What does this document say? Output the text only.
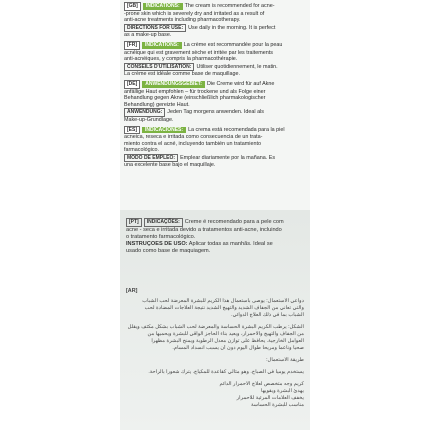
[GB] INDICATIONS: The cream is recommended for acne-
-prone skin which is severely dry and irritated as a result of
anti-acne treatments including pharmacotherapy.
DIRECTIONS FOR USE: Use daily in the morning. It is perfect
as a make-up base.
[FR] INDICATIONS: La crème est recommandée pour la peau
acnéique qui est gravement sèche et irritée par les traitements
anti-acnéiques, y compris la pharmacothérapie.
CONSEILS D'UTILISATION: Utiliser quotidiennement, le matin.
La crème est idéale comme base de maquillage.
[DE] ANWENDUNGSGEBIET: Die Creme wird für auf Akne
anfällige Haut empfohlen – für trockene und als Folge einer
Behandlung gegen Akne (einschließlich pharmakologischer
Behandlung) gereizte Haut.
ANWENDUNG: Jeden Tag morgens anwenden. Ideal als
Make-up-Grundlage.
[ES] INDICACIONES: La crema está recomendada para la piel
acneica, reseca e irritada como consecuencia de un trata-
miento contra el acné, incluyendo también un tratamiento
farmacológico.
MODO DE EMPLEO: Emplear diariamente por la mañana. Es
una excelente base bajo el maquillaje.
[PT] INDICAÇÕES: Creme é recomendado para a pele com
acne - seca e irritada devido a tratamentos anti-acne, incluindo
o tratamento farmacológico.
INSTRUÇÕES DE USO: Aplicar todas as manhãs. Ideal se
usado como base de maquiagem.
[AR]
دواعي الاستعمال: يوصى باستعمال هذا الكريم للبشرة المعرضة لحب الشباب
والتي تعاني من الجفاف الشديد والتهيج الشديد نتيجة العلاجات المضادة لحب
الشباب بما في ذلك العلاج الدوائي.
الشكل: يرطب الكريم البشرة الحساسة والمعرضة لحب الشباب بشكل مكثف ويقلل
من الجفاف والتهيج والاحمرار، ويعيد بناء الحاجز الواقي للبشرة ويحميها من
العوامل الخارجية. يحافظ على توازن معدل الرطوبة ويمنح البشرة مظهراً
صحياً وناعماً ومريحاً طوال اليوم دون أن يسبب انسداد المسام.
طريقة الاستعمال:
يستخدم يومياً في الصباح. وهو مثالي كقاعدة للمكياج. يترك شعوراً بالراحة.
كريم وجه متخصص لعلاج الاحمرار الدائم
يهدئ البشرة ويقويها
يخفف العلامات المرئية للاحمرار
مناسب للبشرة الحساسة
